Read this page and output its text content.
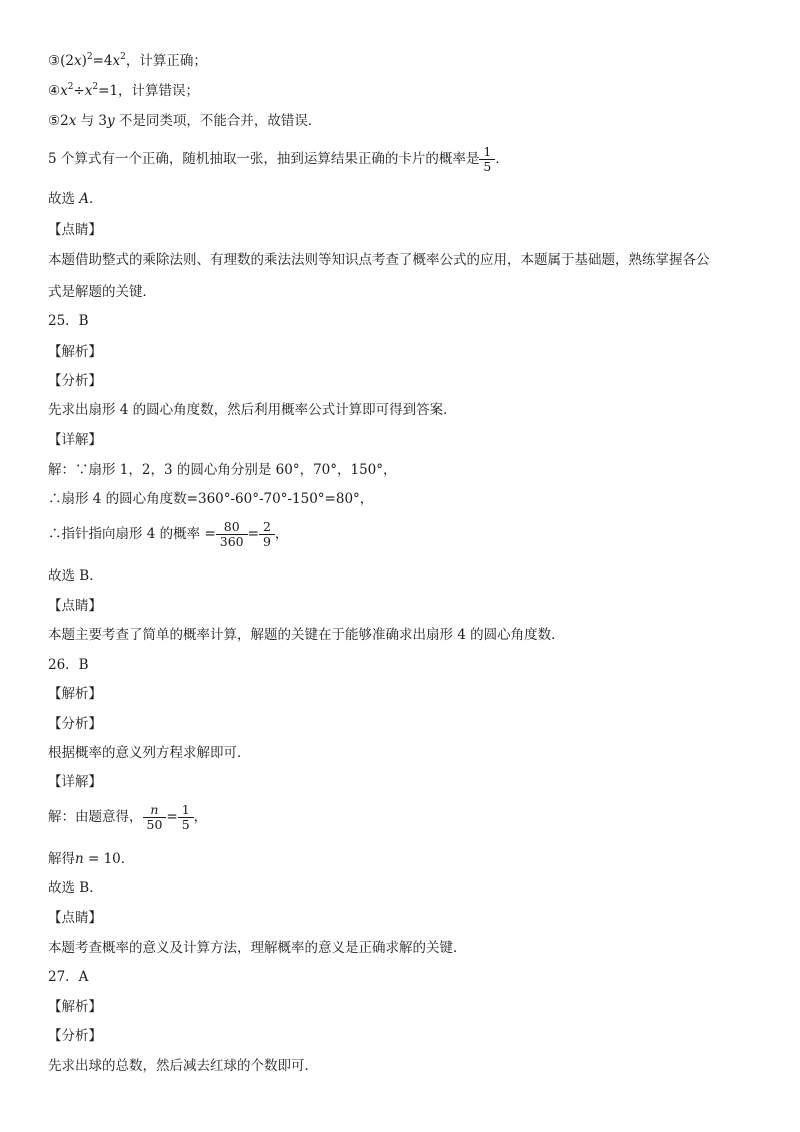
$③(2x)^2=4x^2$，计算正确；
$④x^2\div x^2=1$，计算错误；
⑤2x 与 3y 不是同类项，不能合并，故错误．
5 个算式有一个正确，随机抽取一张，抽到运算结果正确的卡片的概率是 $\frac{1}{5}$ ．
故选 A．
【点睛】
本题借助整式的乘除法则、有理数的乘法法则等知识点考查了概率公式的应用，本题属于基础题，熟练掌握各公
式是解题的关键．
25．B
【解析】
【分析】
先求出扇形 4 的圆心角度数，然后利用概率公式计算即可得到答案．
【详解】
解：∵扇形 1，2，3 的圆心角分别是 60°，70°，150°，
∴扇形 4 的圆心角度数=360°-60°-70°-150°=80°，
∴指针指向扇形 4 的概率 = $\frac{80}{360} = \frac{2}{9}$ ，
故选 B．
【点睛】
本题主要考查了简单的概率计算，解题的关键在于能够准确求出扇形 4 的圆心角度数．
26．B
【解析】
【分析】
根据概率的意义列方程求解即可．
【详解】
解：由题意得， $\frac{n}{50} = \frac{1}{5}$ ，
解得n = 10．
故选 B．
【点睛】
本题考查概率的意义及计算方法，理解概率的意义是正确求解的关键．
27．A
【解析】
【分析】
先求出球的总数，然后减去红球的个数即可．
